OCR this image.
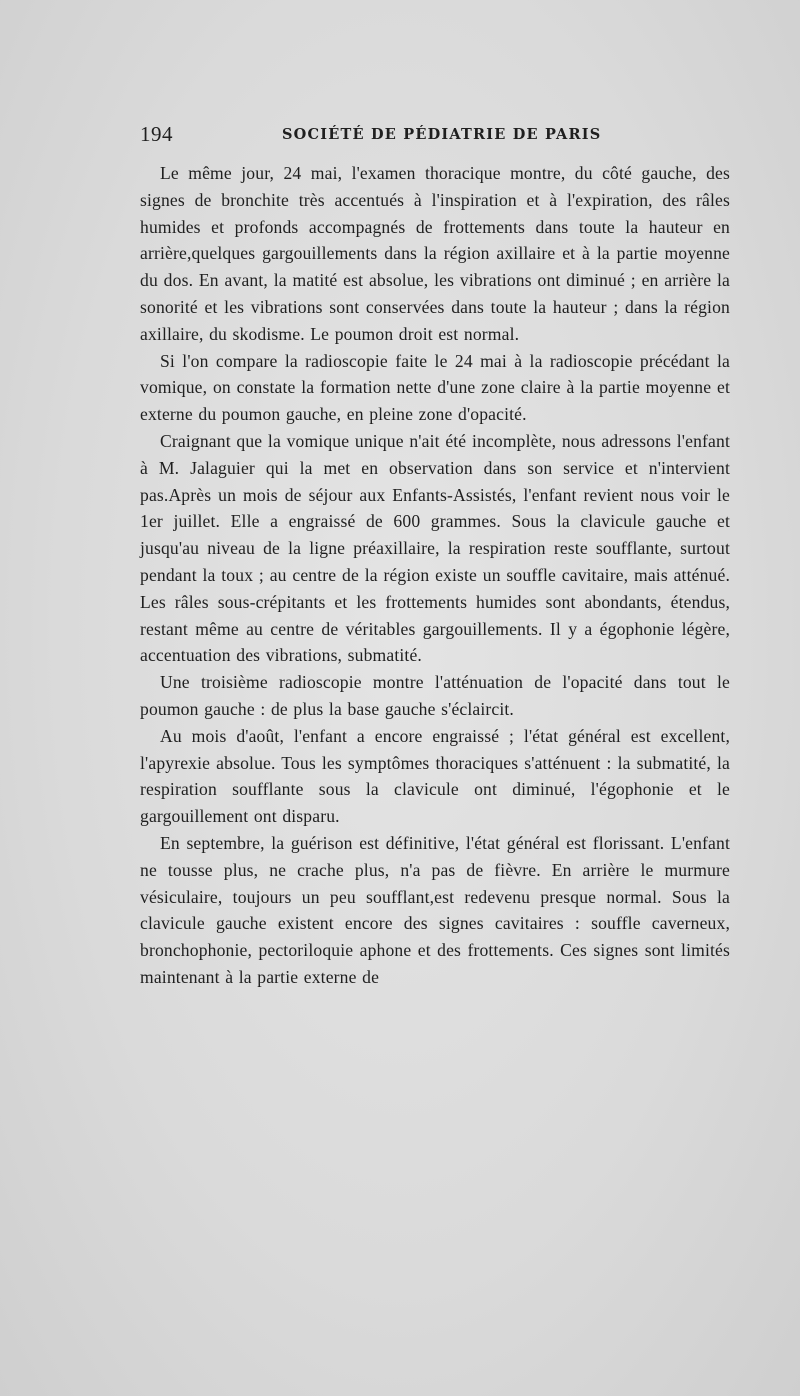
194	SOCIÉTÉ DE PÉDIATRIE DE PARIS

Le même jour, 24 mai, l'examen thoracique montre, du côté gauche, des signes de bronchite très accentués à l'inspiration et à l'expiration, des râles humides et profonds accompagnés de frottements dans toute la hauteur en arrière,quelques gargouillements dans la région axillaire et à la partie moyenne du dos. En avant, la matité est absolue, les vibrations ont diminué ; en arrière la sonorité et les vibrations sont conservées dans toute la hauteur ; dans la région axillaire, du skodisme. Le poumon droit est normal.

Si l'on compare la radioscopie faite le 24 mai à la radioscopie précédant la vomique, on constate la formation nette d'une zone claire à la partie moyenne et externe du poumon gauche, en pleine zone d'opacité.

Craignant que la vomique unique n'ait été incomplète, nous adressons l'enfant à M. Jalaguier qui la met en observation dans son service et n'intervient pas.Après un mois de séjour aux Enfants-Assistés, l'enfant revient nous voir le 1er juillet. Elle a engraissé de 600 grammes. Sous la clavicule gauche et jusqu'au niveau de la ligne préaxillaire, la respiration reste soufflante, surtout pendant la toux ; au centre de la région existe un souffle cavitaire, mais atténué. Les râles sous-crépitants et les frottements humides sont abondants, étendus, restant même au centre de véritables gargouillements. Il y a égophonie légère, accentuation des vibrations, submatité.

Une troisième radioscopie montre l'atténuation de l'opacité dans tout le poumon gauche : de plus la base gauche s'éclaircit.

Au mois d'août, l'enfant a encore engraissé ; l'état général est excellent, l'apyrexie absolue. Tous les symptômes thoraciques s'atténuent : la submatité, la respiration soufflante sous la clavicule ont diminué, l'égophonie et le gargouillement ont disparu.

En septembre, la guérison est définitive, l'état général est florissant. L'enfant ne tousse plus, ne crache plus, n'a pas de fièvre. En arrière le murmure vésiculaire, toujours un peu soufflant,est redevenu presque normal. Sous la clavicule gauche existent encore des signes cavitaires : souffle caverneux, bronchophonie, pectoriloquie aphone et des frottements. Ces signes sont limités maintenant à la partie externe de
